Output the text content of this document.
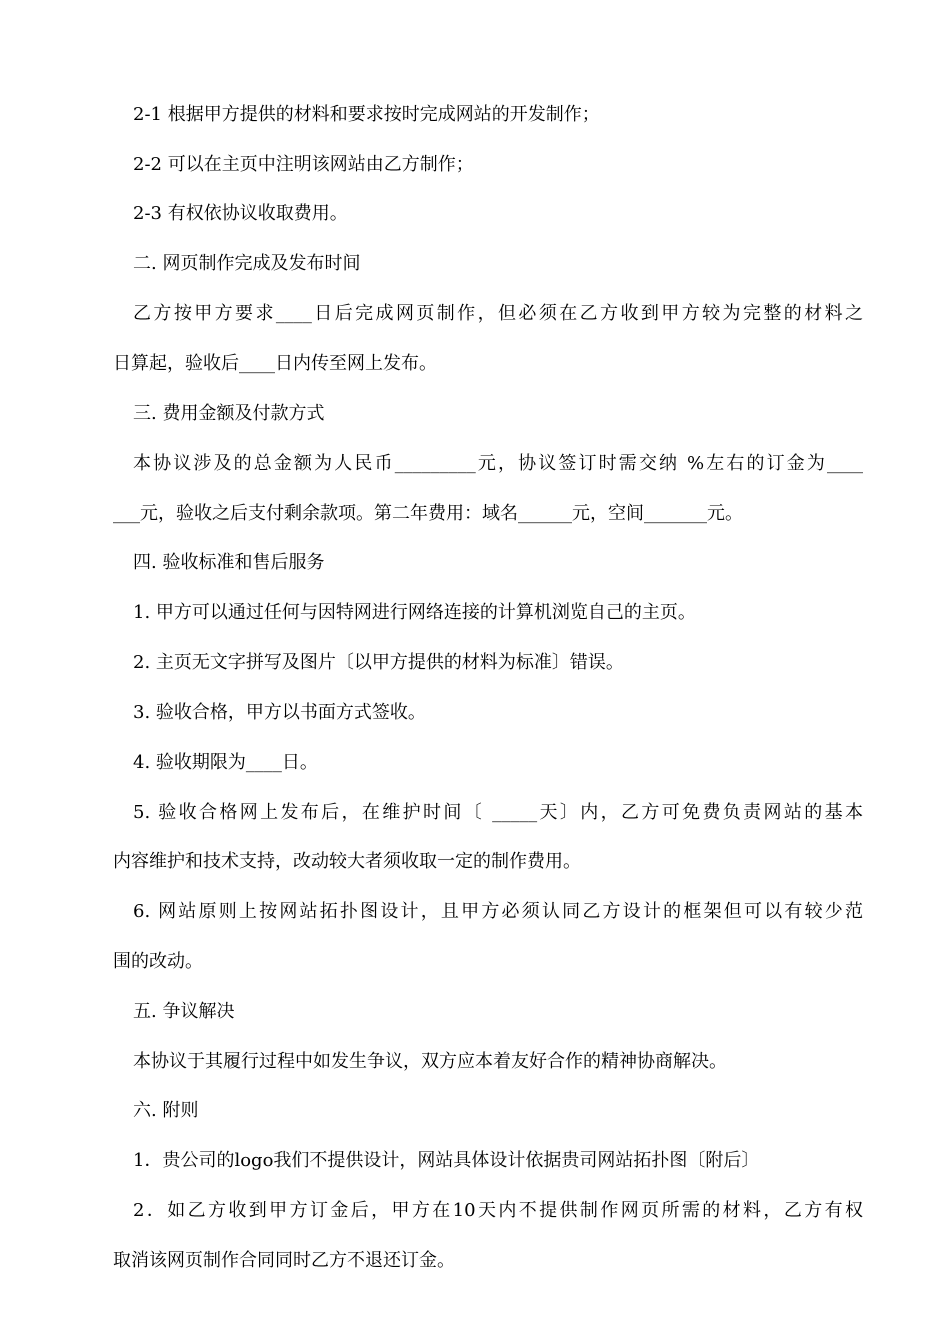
2-1 根据甲方提供的材料和要求按时完成网站的开发制作；
2-2 可以在主页中注明该网站由乙方制作；
2-3 有权依协议收取费用。
二. 网页制作完成及发布时间
乙方按甲方要求____日后完成网页制作，但必须在乙方收到甲方较为完整的材料之
日算起，验收后____日内传至网上发布。
三. 费用金额及付款方式
本协议涉及的总金额为人民币_________元，协议签订时需交纳 %左右的订金为____
___元，验收之后支付剩余款项。第二年费用：域名______元，空间_______元。
四. 验收标准和售后服务
1. 甲方可以通过任何与因特网进行网络连接的计算机浏览自己的主页。
2. 主页无文字拼写及图片〔以甲方提供的材料为标准〕错误。
3. 验收合格，甲方以书面方式签收。
4. 验收期限为____日。
5. 验收合格网上发布后，在维护时间〔 _____天〕内，乙方可免费负责网站的基本
内容维护和技术支持，改动较大者须收取一定的制作费用。
6. 网站原则上按网站拓扑图设计，且甲方必须认同乙方设计的框架但可以有较少范
围的改动。
五. 争议解决
本协议于其履行过程中如发生争议，双方应本着友好合作的精神协商解决。
六. 附则
1．贵公司的logo我们不提供设计，网站具体设计依据贵司网站拓扑图〔附后〕
2．如乙方收到甲方订金后，甲方在10天内不提供制作网页所需的材料，乙方有权
取消该网页制作合同同时乙方不退还订金。
